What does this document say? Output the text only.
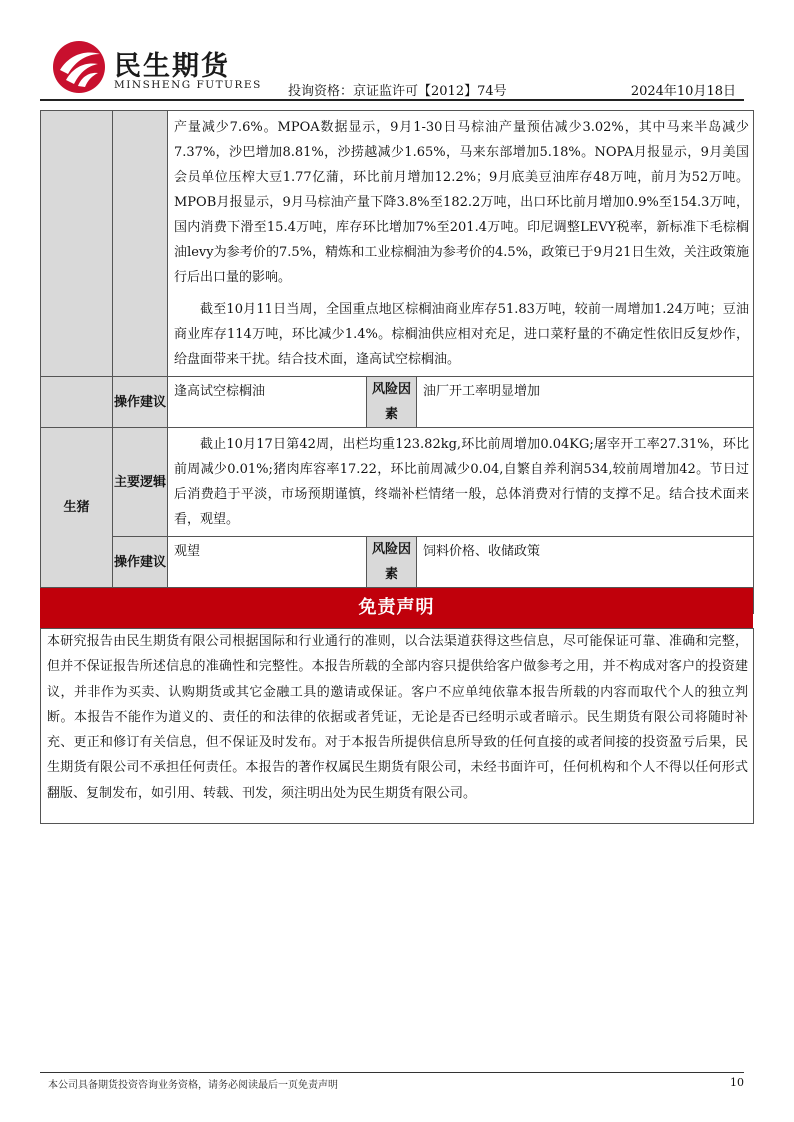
民生期货
MINSHENG FUTURES 投询资格：京证监许可【2012】74号	2024年10月18日

		产量减少7.6%。MPOA数据显示，9月1-30日马棕油产量预估减少3.02%，其中马来半岛减少7.37%，沙巴增加8.81%，沙捞越减少1.65%，马来东部增加5.18%。NOPA月报显示，9月美国会员单位压榨大豆1.77亿蒲，环比前月增加12.2%；9月底美豆油库存48万吨，前月为52万吨。MPOB月报显示，9月马棕油产量下降3.8%至182.2万吨，出口环比前月增加0.9%至154.3万吨，国内消费下滑至15.4万吨，库存环比增加7%至201.4万吨。印尼调整LEVY税率，新标准下毛棕榈油levy为参考价的7.5%，精炼和工业棕榈油为参考价的4.5%，政策已于9月21日生效，关注政策施行后出口量的影响。

截至10月11日当周，全国重点地区棕榈油商业库存51.83万吨，较前一周增加1.24万吨；豆油商业库存114万吨，环比减少1.4%。棕榈油供应相对充足，进口菜籽量的不确定性依旧反复炒作，给盘面带来干扰。结合技术面，逢高试空棕榈油。		

	操作建议	逢高试空棕榈油	风险因素	油厂开工率明显增加
生猪	主要逻辑	截止10月17日第42周，出栏均重123.82kg,环比前周增加0.04KG;屠宰开工率27.31%，环比前周减少0.01%;猪肉库容率17.22，环比前周减少0.04,自繁自养利润534,较前周增加42。节日过后消费趋于平淡，市场预期谨慎，终端补栏情绪一般，总体消费对行情的支撑不足。结合技术面来看，观望。		

	操作建议	观望	风险因素	饲料价格、收储政策

免责声明
本研究报告由民生期货有限公司根据国际和行业通行的准则，以合法渠道获得这些信息，尽可能保证可靠、准确和完整，但并不保证报告所述信息的准确性和完整性。本报告所载的全部内容只提供给客户做参考之用，并不构成对客户的投资建议，并非作为买卖、认购期货或其它金融工具的邀请或保证。客户不应单纯依靠本报告所载的内容而取代个人的独立判断。本报告不能作为道义的、责任的和法律的依据或者凭证，无论是否已经明示或者暗示。民生期货有限公司将随时补充、更正和修订有关信息，但不保证及时发布。对于本报告所提供信息所导致的任何直接的或者间接的投资盈亏后果，民生期货有限公司不承担任何责任。本报告的著作权属民生期货有限公司，未经书面许可，任何机构和个人不得以任何形式翻版、复制发布，如引用、转载、刊发，须注明出处为民生期货有限公司。
本公司具备期货投资咨询业务资格，请务必阅读最后一页免责声明	10
